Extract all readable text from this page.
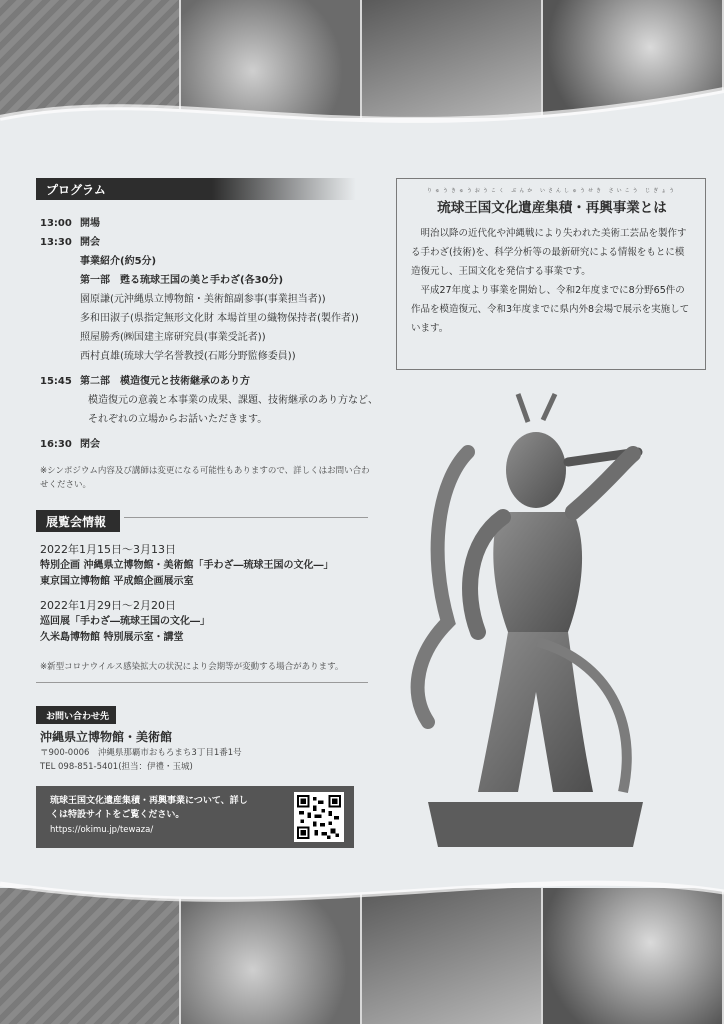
プログラム
13:00 開場
13:30 開会
事業紹介(約5分)
第一部　甦る琉球王国の美と手わざ(各30分)
園原謙(元沖縄県立博物館・美術館副参事(事業担当者))
多和田淑子(県指定無形文化財 本場首里の織物保持者(製作者))
照屋勝秀(㈱国建主席研究員(事業受託者))
西村貞雄(琉球大学名誉教授(石彫分野監修委員))
15:45 第二部　模造復元と技術継承のあり方
模造復元の意義と本事業の成果、課題、技術継承のあり方など、それぞれの立場からお話いただきます。
16:30 閉会
※シンポジウム内容及び講師は変更になる可能性もありますので、詳しくはお問い合わせください。
展覧会情報
2022年1月15日～3月13日
特別企画 沖縄県立博物館・美術館「手わざ―琉球王国の文化―」
東京国立博物館 平成館企画展示室
2022年1月29日～2月20日
巡回展「手わざ―琉球王国の文化―」
久米島博物館 特別展示室・講堂
※新型コロナウイルス感染拡大の状況により会期等が変動する場合があります。
お問い合わせ先
沖縄県立博物館・美術館
〒900-0006　沖縄県那覇市おもろまち3丁目1番1号
TEL 098-851-5401(担当：伊禮・玉城)
琉球王国文化遺産集積・再興事業について、詳しくは特設サイトをご覧ください。
https://okimu.jp/tewaza/
りゅうきゅうおうこく ぶんか いさんしゅうせき さいこう じぎょう
琉球王国文化遺産集積・再興事業とは

明治以降の近代化や沖縄戦により失われた美術工芸品を製作する手わざ(技術)を、科学分析等の最新研究による情報をもとに模造復元し、王国文化を発信する事業です。

平成27年度より事業を開始し、令和2年度までに8分野65件の作品を模造復元、令和3年度までに県内外8会場で展示を実施しています。
